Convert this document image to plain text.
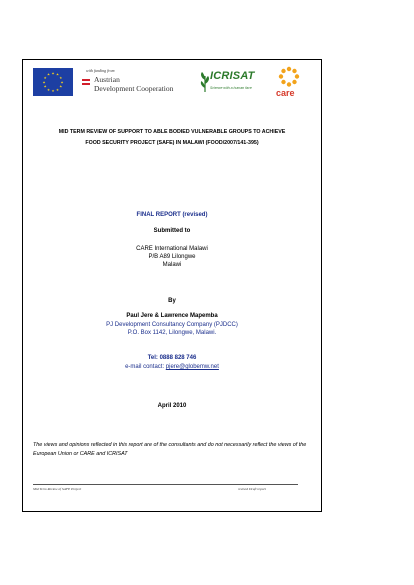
★ ★
★
★
★
★
★
★
★
★
★
★
with funding from
Austrian
Development Cooperation
ICRISAT
Science with a human face	care
MID TERM REVIEW OF SUPPORT TO ABLE BODIED VULNERABLE GROUPS TO ACHIEVE
FOOD SECURITY PROJECT (SAFE) IN MALAWI (FOOD/2007/141-395)
FINAL REPORT (revised)
Submitted to
CARE International Malawi
P/B A89 Lilongwe
Malawi
By
Paul Jere & Lawrence Mapemba
PJ Development Consultancy Company (PJDCC)
P.O. Box 1142, Lilongwe, Malawi.
Tel: 0888 828 746
e-mail contact: pjere@globemw.net
April 2010
The views and opinions reflected in this report are of the consultants and do not necessarily reflect the views of the European Union or CARE and ICRISAT
Mid Term Review of SAFE Project	revised Draft report
